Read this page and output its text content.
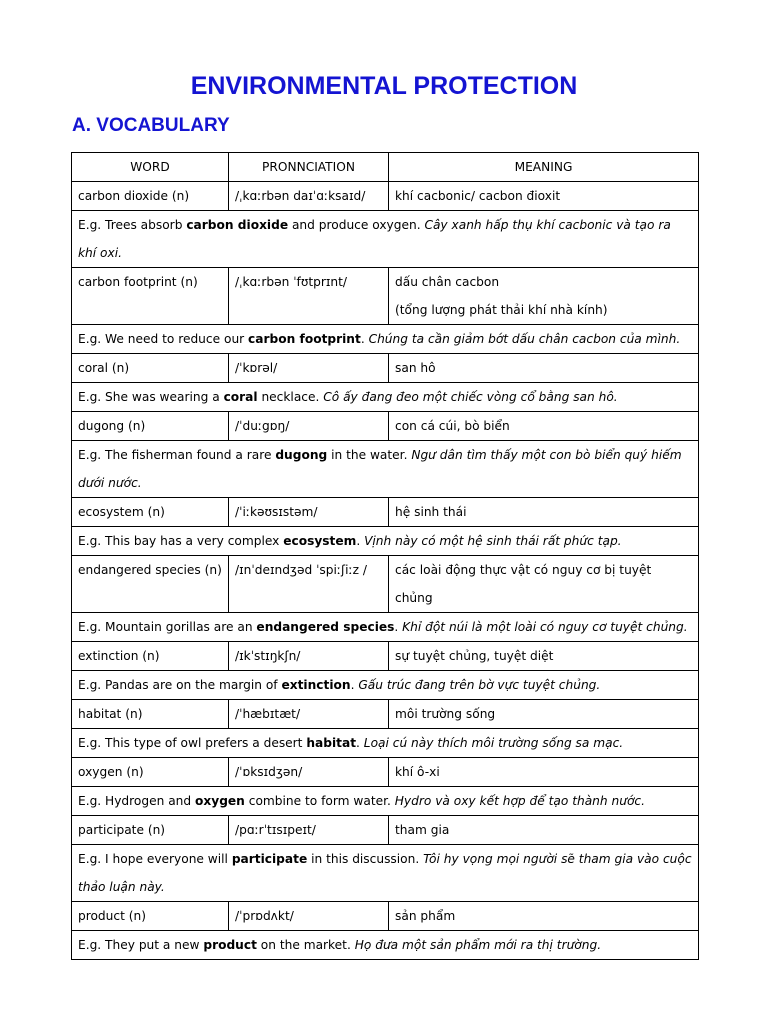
ENVIRONMENTAL PROTECTION
A. VOCABULARY
WORD	PRONNCIATION	MEANING
carbon dioxide (n)	/ˌkɑːrbən daɪˈɑːksaɪd/	khí cacbonic/ cacbon đioxit

E.g. Trees absorb carbon dioxide and produce oxygen. Cây xanh hấp thụ khí cacbonic và tạo ra khí oxi.		
carbon footprint (n)	/ˌkɑːrbən ˈfʊtprɪnt/	dấu chân cacbon
(tổng lượng phát thải khí nhà kính)

E.g. We need to reduce our carbon footprint. Chúng ta cần giảm bớt dấu chân cacbon của mình.		
coral (n)	/ˈkɒrəl/	san hô

E.g. She was wearing a coral necklace. Cô ấy đang đeo một chiếc vòng cổ bằng san hô.		
dugong (n)	/ˈduːgɒŋ/	con cá cúi, bò biển

E.g. The fisherman found a rare dugong in the water. Ngư dân tìm thấy một con bò biển quý hiếm dưới nước.		
ecosystem (n)	/ˈiːkəʊsɪstəm/	hệ sinh thái

E.g. This bay has a very complex ecosystem. Vịnh này có một hệ sinh thái rất phức tạp.		
endangered species (n)	/ɪnˈdeɪndʒəd ˈspiːʃiːz /	các loài động thực vật có nguy cơ bị tuyệt chủng

E.g. Mountain gorillas are an endangered species. Khỉ đột núi là một loài có nguy cơ tuyệt chủng.		
extinction (n)	/ɪkˈstɪŋkʃn/	sự tuyệt chủng, tuyệt diệt

E.g. Pandas are on the margin of extinction. Gấu trúc đang trên bờ vực tuyệt chủng.		
habitat (n)	/ˈhæbɪtæt/	môi trường sống

E.g. This type of owl prefers a desert habitat. Loại cú này thích môi trường sống sa mạc.		
oxygen (n)	/ˈɒksɪdʒən/	khí ô-xi

E.g. Hydrogen and oxygen combine to form water. Hydro và oxy kết hợp để tạo thành nước.		
participate (n)	/pɑːrˈtɪsɪpeɪt/	tham gia

E.g. I hope everyone will participate in this discussion. Tôi hy vọng mọi người sẽ tham gia vào cuộc thảo luận này.		
product (n)	/ˈprɒdʌkt/	sản phẩm

E.g. They put a new product on the market. Họ đưa một sản phẩm mới ra thị trường.		
